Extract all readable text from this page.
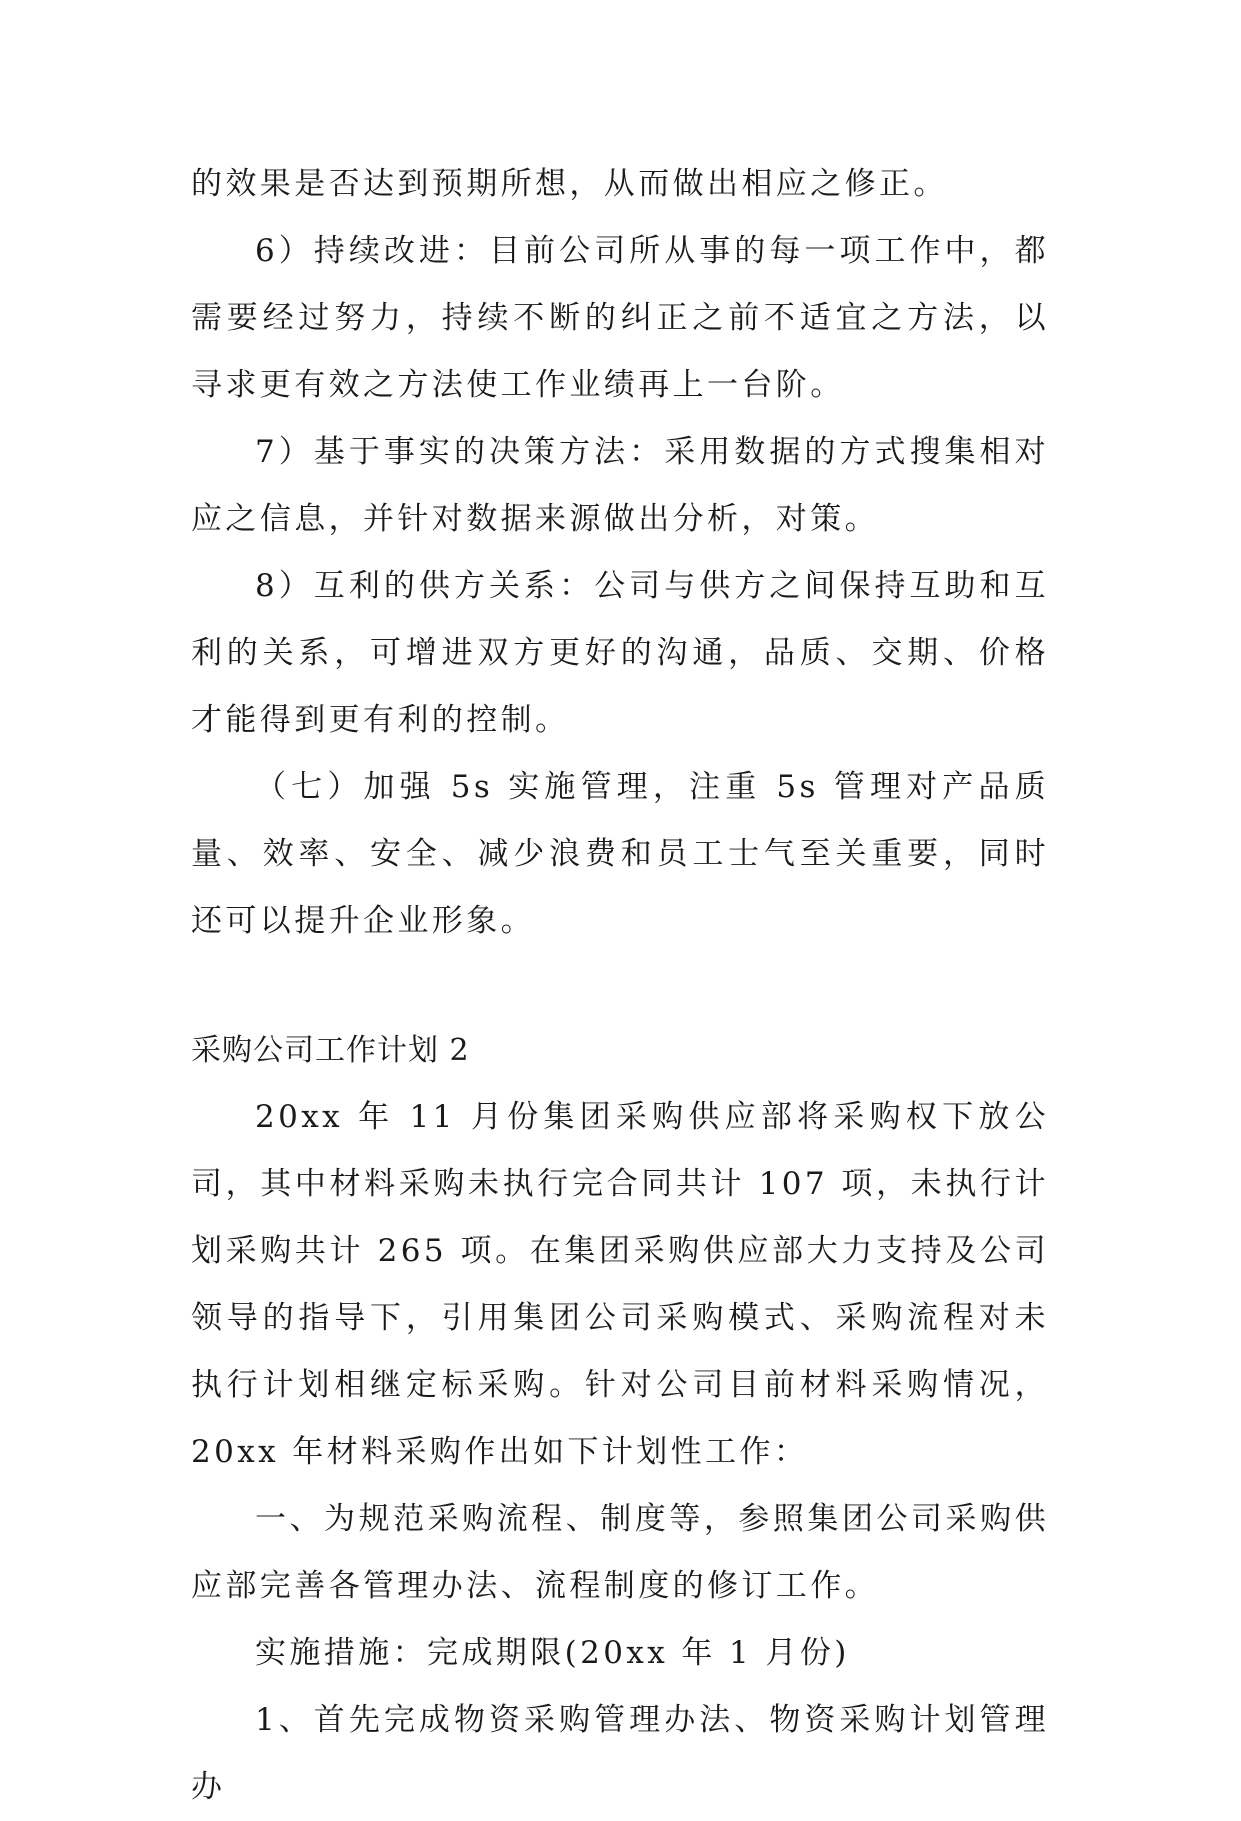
的效果是否达到预期所想，从而做出相应之修正。

6）持续改进：目前公司所从事的每一项工作中，都需要经过努力，持续不断的纠正之前不适宜之方法，以寻求更有效之方法使工作业绩再上一台阶。

7）基于事实的决策方法：采用数据的方式搜集相对应之信息，并针对数据来源做出分析，对策。

8）互利的供方关系：公司与供方之间保持互助和互利的关系，可增进双方更好的沟通，品质、交期、价格才能得到更有利的控制。

（七）加强 5s 实施管理，注重 5s 管理对产品质量、效率、安全、减少浪费和员工士气至关重要，同时还可以提升企业形象。

采购公司工作计划 2

20xx 年 11 月份集团采购供应部将采购权下放公司，其中材料采购未执行完合同共计 107 项，未执行计划采购共计 265 项。在集团采购供应部大力支持及公司领导的指导下，引用集团公司采购模式、采购流程对未执行计划相继定标采购。针对公司目前材料采购情况，20xx 年材料采购作出如下计划性工作：

一、为规范采购流程、制度等，参照集团公司采购供应部完善各管理办法、流程制度的修订工作。

实施措施：完成期限(20xx 年 1 月份)

1、首先完成物资采购管理办法、物资采购计划管理办
